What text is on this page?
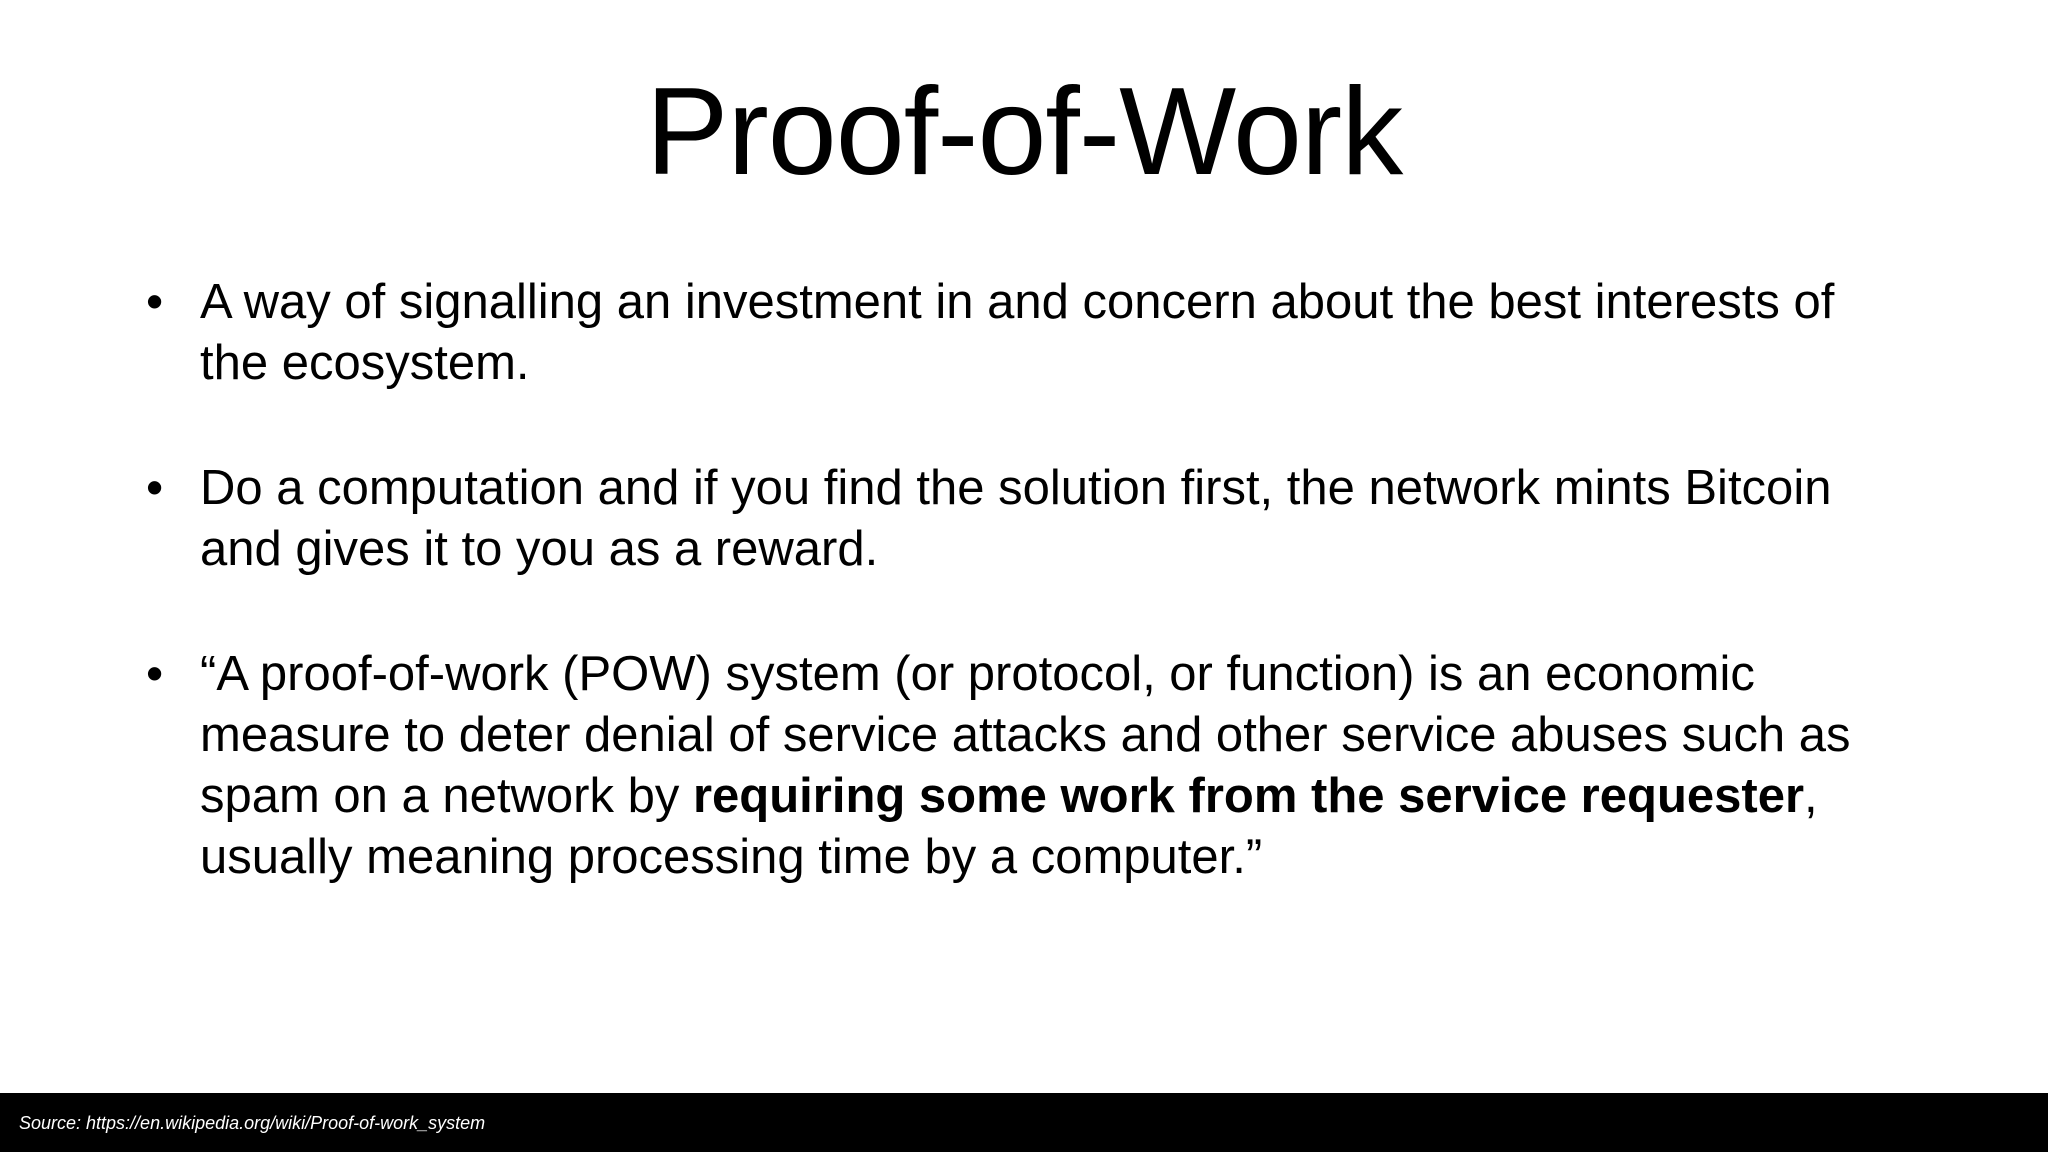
Proof-of-Work
• A way of signalling an investment in and concern about the best interests of the ecosystem.
• Do a computation and if you find the solution first, the network mints Bitcoin and gives it to you as a reward.
• “A proof-of-work (POW) system (or protocol, or function) is an economic measure to deter denial of service attacks and other service abuses such as spam on a network by requiring some work from the service requester, usually meaning processing time by a computer.”
Source: https://en.wikipedia.org/wiki/Proof-of-work_system
